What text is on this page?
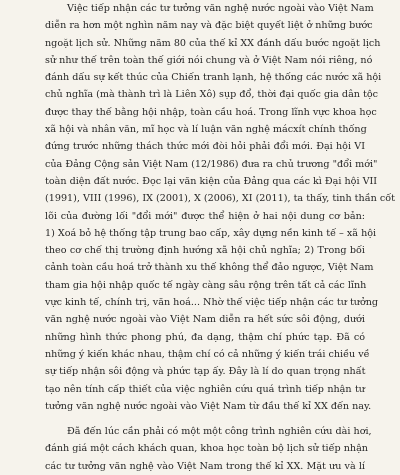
Việc tiếp nhận các tư tưởng văn nghệ nước ngoài vào Việt Nam
diễn ra hơn một nghìn năm nay và đặc biệt quyết liệt ở những bước
ngoặt lịch sử. Những năm 80 của thế kỉ XX đánh dấu bước ngoặt lịch
sử như thế trên toàn thế giới nói chung và ở Việt Nam nói riêng, nó
đánh dấu sự kết thúc của Chiến tranh lạnh, hệ thống các nước xã hội
chủ nghĩa (mà thành trì là Liên Xô) sụp đổ, thời đại quốc gia dân tộc
được thay thế bằng hội nhập, toàn cầu hoá. Trong lĩnh vực khoa học
xã hội và nhân văn, mĩ học và lí luận văn nghệ mácxít chính thống
đứng trước những thách thức mới đòi hỏi phải đổi mới. Đại hội VI
của Đảng Cộng sản Việt Nam (12/1986) đưa ra chủ trương "đổi mới"
toàn diện đất nước. Đọc lại văn kiện của Đảng qua các kì Đại hội VII
(1991), VIII (1996), IX (2001), X (2006), XI (2011), ta thấy, tinh thần cốt
lõi của đường lối "đổi mới" được thể hiện ở hai nội dung cơ bản:
1) Xoá bỏ hệ thống tập trung bao cấp, xây dựng nền kinh tế – xã hội
theo cơ chế thị trường định hướng xã hội chủ nghĩa; 2) Trong bối
cảnh toàn cầu hoá trở thành xu thế không thể đảo ngược, Việt Nam
tham gia hội nhập quốc tế ngày càng sâu rộng trên tất cả các lĩnh
vực kinh tế, chính trị, văn hoá... Nhờ thế việc tiếp nhận các tư tưởng
văn nghệ nước ngoài vào Việt Nam diễn ra hết sức sôi động, dưới
những hình thức phong phú, đa dạng, thậm chí phức tạp. Đã có
những ý kiến khác nhau, thậm chí có cả những ý kiến trái chiều về
sự tiếp nhận sôi động và phức tạp ấy. Đây là lí do quan trọng nhất
tạo nên tính cấp thiết của việc nghiên cứu quá trình tiếp nhận tư
tưởng văn nghệ nước ngoài vào Việt Nam từ đầu thế kỉ XX đến nay.
Đã đến lúc cần phải có một một công trình nghiên cứu dài hơi,
đánh giá một cách khách quan, khoa học toàn bộ lịch sử tiếp nhận
các tư tưởng văn nghệ vào Việt Nam trong thế kỉ XX. Mặt ưu và lí
